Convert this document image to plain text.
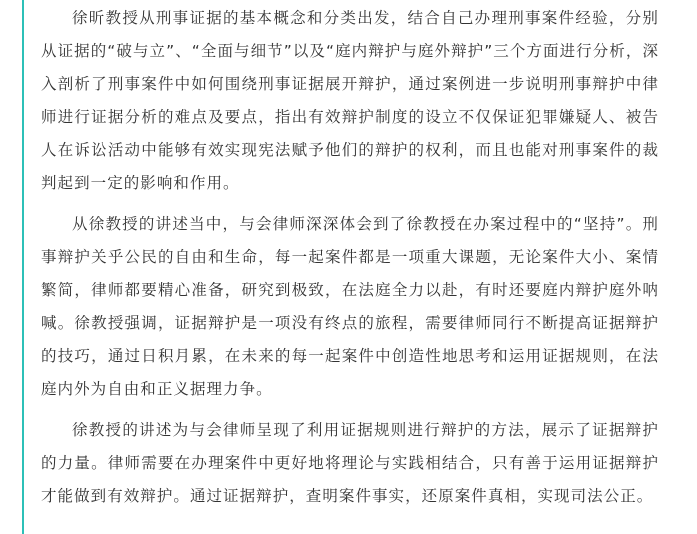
徐昕教授从刑事证据的基本概念和分类出发，结合自己办理刑事案件经验，分别从证据的“破与立”、“全面与细节”以及“庭内辩护与庭外辩护”三个方面进行分析，深入剖析了刑事案件中如何围绕刑事证据展开辩护，通过案例进一步说明刑事辩护中律师进行证据分析的难点及要点，指出有效辩护制度的设立不仅保证犯罪嫌疑人、被告人在诉讼活动中能够有效实现宪法赋予他们的辩护的权利，而且也能对刑事案件的裁判起到一定的影响和作用。

从徐教授的讲述当中，与会律师深深体会到了徐教授在办案过程中的“坚持”。刑事辩护关乎公民的自由和生命，每一起案件都是一项重大课题，无论案件大小、案情繁简，律师都要精心准备，研究到极致，在法庭全力以赴，有时还要庭内辩护庭外呐喊。徐教授强调，证据辩护是一项没有终点的旅程，需要律师同行不断提高证据辩护的技巧，通过日积月累，在未来的每一起案件中创造性地思考和运用证据规则，在法庭内外为自由和正义据理力争。

徐教授的讲述为与会律师呈现了利用证据规则进行辩护的方法，展示了证据辩护的力量。律师需要在办理案件中更好地将理论与实践相结合，只有善于运用证据辩护才能做到有效辩护。通过证据辩护，查明案件事实，还原案件真相，实现司法公正。
